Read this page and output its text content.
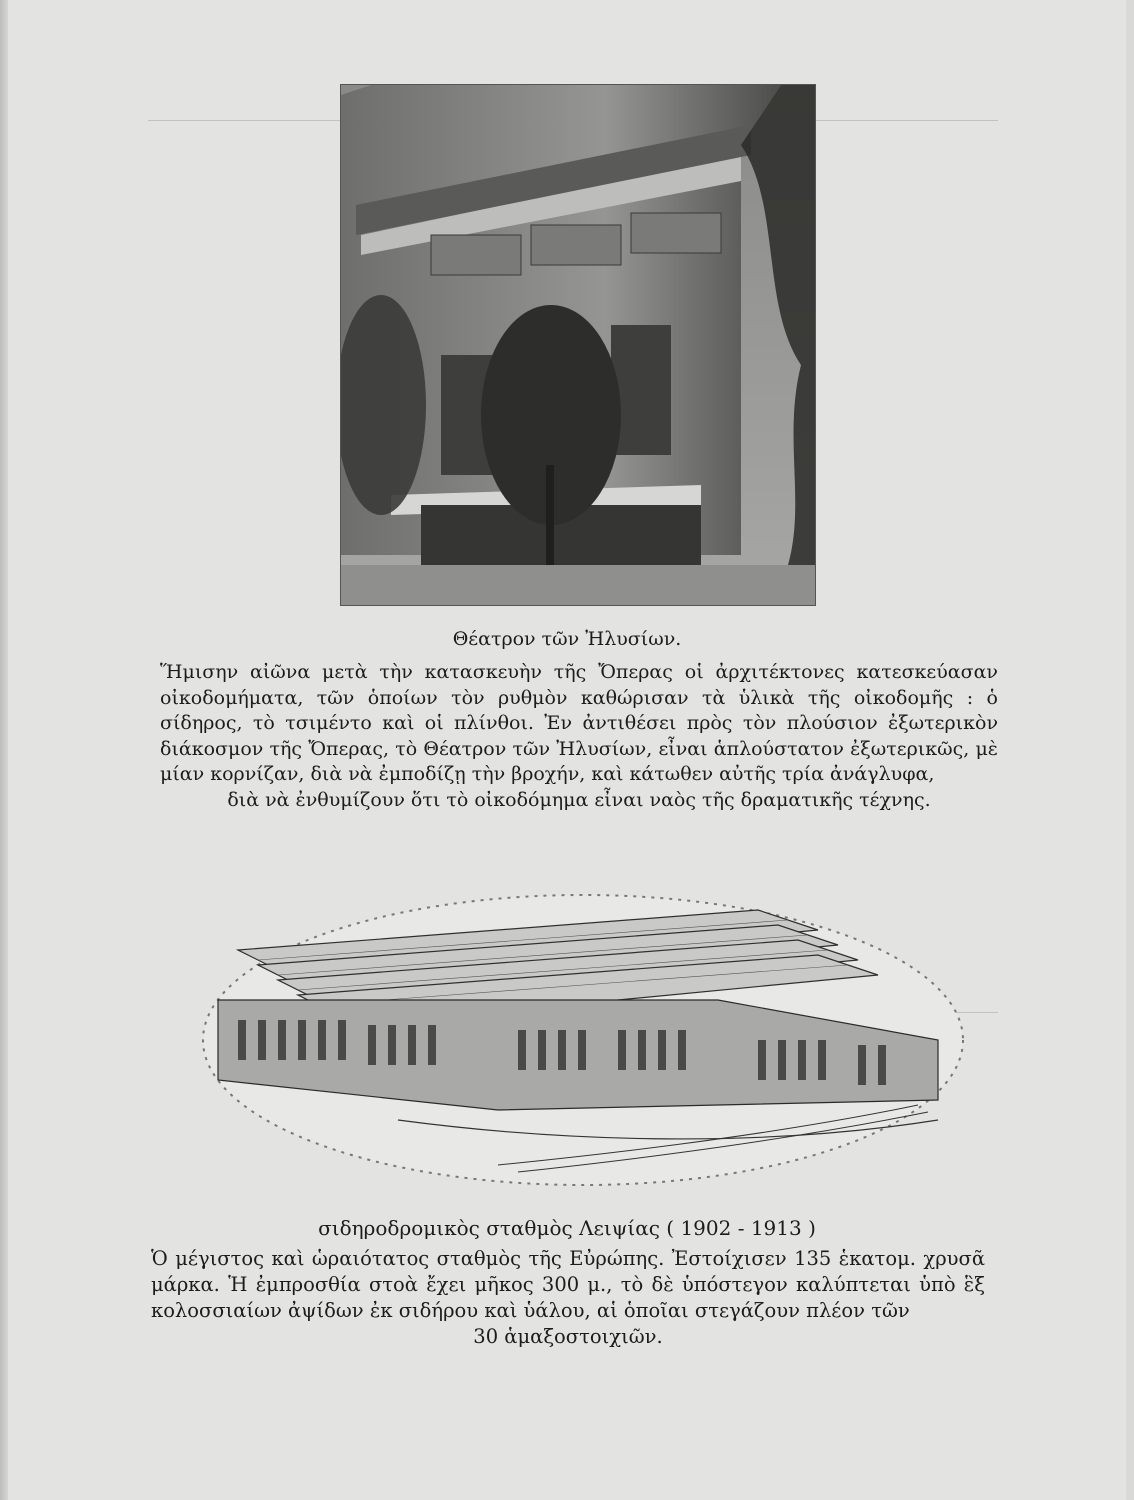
Θέατρον τῶν Ἠλυσίων.
Ἥμισην αἰῶνα μετὰ τὴν κατασκευὴν τῆς Ὄπερας οἱ ἀρχιτέκτονες κατεσκεύασαν οἰκοδομήματα, τῶν ὁποίων τὸν ρυθμὸν καθώρισαν τὰ ὑλικὰ τῆς οἰκοδομῆς : ὁ σίδηρος, τὸ τσιμέντο καὶ οἱ πλίνθοι. Ἐν ἀντιθέσει πρὸς τὸν πλούσιον ἐξωτερικὸν διάκοσμον τῆς Ὄπερας, τὸ Θέατρον τῶν Ἠλυσίων, εἶναι ἁπλούστατον ἐξωτερικῶς, μὲ μίαν κορνίζαν, διὰ νὰ ἐμποδίζῃ τὴν βροχήν, καὶ κάτωθεν αὐτῆς τρία ἀνάγλυφα,
διὰ νὰ ἐνθυμίζουν ὅτι τὸ οἰκοδόμημα εἶναι ναὸς τῆς δραματικῆς τέχνης.
σιδηροδρομικὸς σταθμὸς Λειψίας ( 1902 - 1913 )
Ὁ μέγιστος καὶ ὡραιότατος σταθμὸς τῆς Εὐρώπης. Ἐστοίχισεν 135 ἑκατομ. χρυσᾶ μάρκα. Ἡ ἐμπροσθία στοὰ ἔχει μῆκος 300 μ., τὸ δὲ ὑπόστεγον καλύπτεται ὑπὸ ἓξ κολοσσιαίων ἀψίδων ἐκ σιδήρου καὶ ὑάλου, αἱ ὁποῖαι στεγάζουν πλέον τῶν
30 ἁμαξοστοιχιῶν.
